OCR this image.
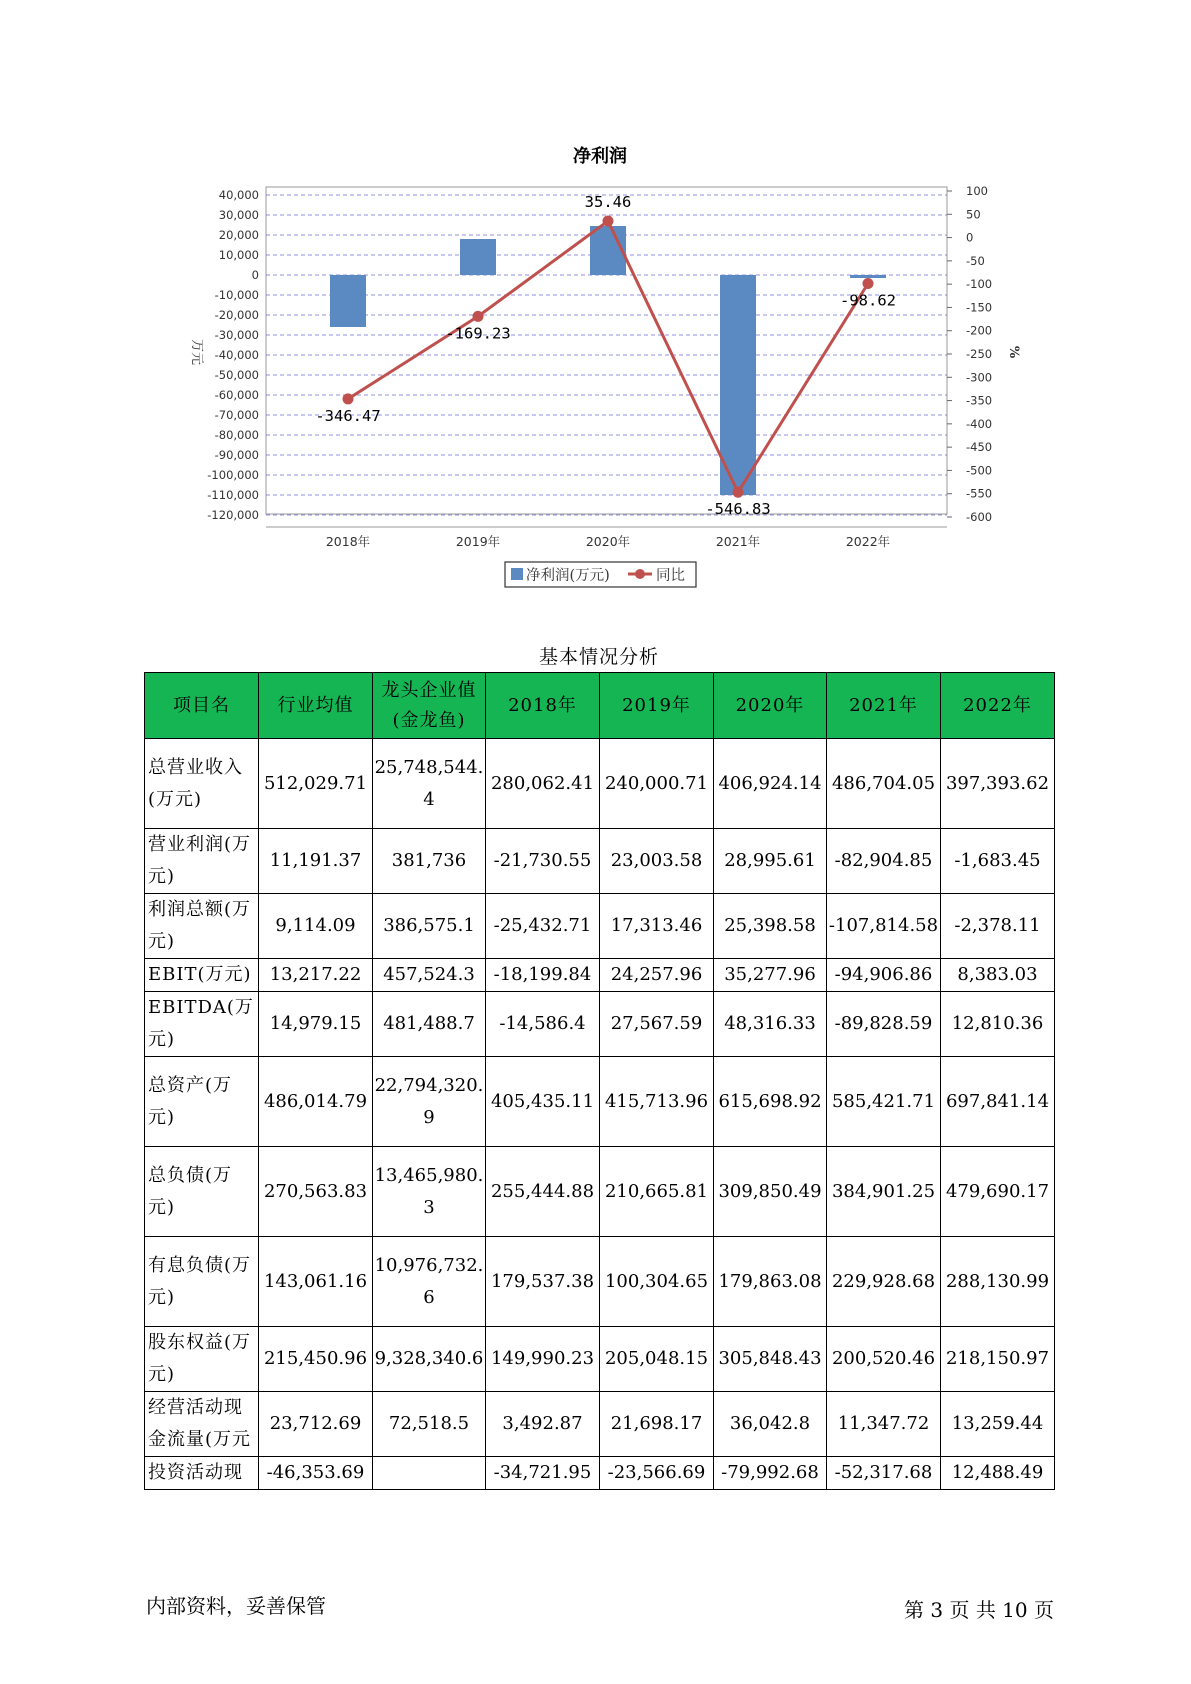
净利润
40,000
30,000
20,000
10,000
0
-10,000
-20,000
-30,000
-40,000
-50,000
-60,000
-70,000
-80,000
-90,000
-100,000
-110,000
-120,000
100
50
0
-50
-100
-150
-200
-250
-300
-350
-400
-450
-500
-550
-600
万元	%
2018年	2019年	2020年	2021年	2022年
-346.47
-169.23
35.46
-546.83
-98.62
净利润(万元)	同比
基本情况分析
项目名	行业均值	龙头企业值(金龙鱼)	2018年	2019年	2020年	2021年	2022年
总营业收入(万元)	512,029.71	25,748,544.4	280,062.41	240,000.71	406,924.14	486,704.05	397,393.62
营业利润(万元)	11,191.37	381,736	-21,730.55	23,003.58	28,995.61	-82,904.85	-1,683.45
利润总额(万元)	9,114.09	386,575.1	-25,432.71	17,313.46	25,398.58	-107,814.58	-2,378.11
EBIT(万元)	13,217.22	457,524.3	-18,199.84	24,257.96	35,277.96	-94,906.86	8,383.03
EBITDA(万元)	14,979.15	481,488.7	-14,586.4	27,567.59	48,316.33	-89,828.59	12,810.36
总资产(万元)	486,014.79	22,794,320.9	405,435.11	415,713.96	615,698.92	585,421.71	697,841.14
总负债(万元)	270,563.83	13,465,980.3	255,444.88	210,665.81	309,850.49	384,901.25	479,690.17
有息负债(万元)	143,061.16	10,976,732.6	179,537.38	100,304.65	179,863.08	229,928.68	288,130.99
股东权益(万元)	215,450.96	9,328,340.6	149,990.23	205,048.15	305,848.43	200,520.46	218,150.97
经营活动现金流量(万元	23,712.69	72,518.5	3,492.87	21,698.17	36,042.8	11,347.72	13,259.44
投资活动现	-46,353.69		-34,721.95	-23,566.69	-79,992.68	-52,317.68	12,488.49
内部资料，妥善保管	第 3 页 共 10 页
